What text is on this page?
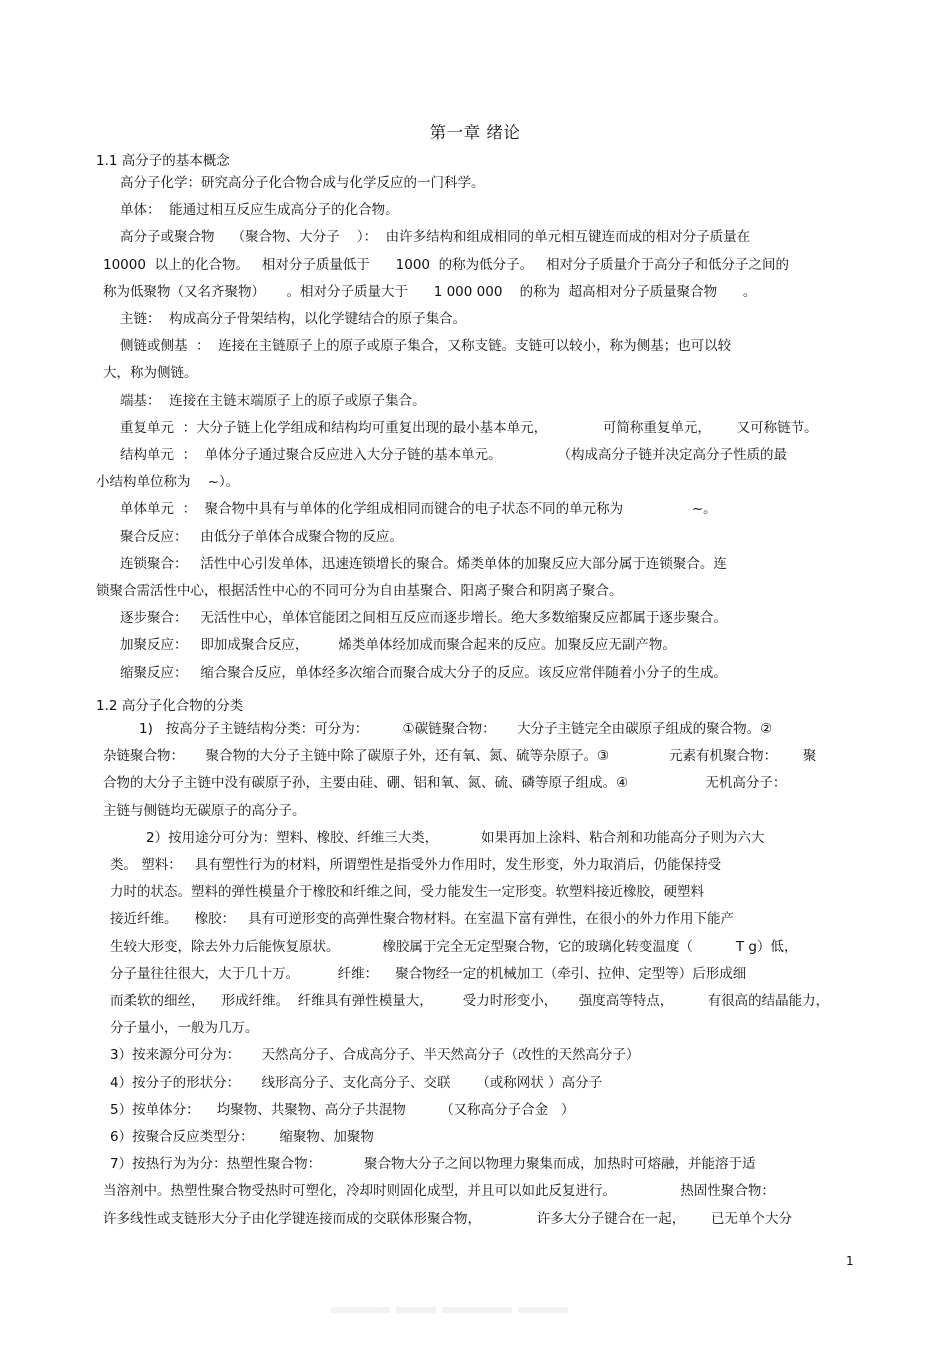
第一章 绪论
1.1 高分子的基本概念
高分子化学：研究高分子化合物合成与化学反应的一门科学。
单体：  能通过相互反应生成高分子的化合物。
高分子或聚合物    （聚合物、大分子    ）：  由许多结构和组成相同的单元相互键连而成的相对分子质量在
10000  以上的化合物。   相对分子质量低于      1000  的称为低分子。   相对分子质量介于高分子和低分子之间的
称为低聚物（又名齐聚物）     。相对分子质量大于      1 000 000    的称为  超高相对分子质量聚合物      。
主链：  构成高分子骨架结构，以化学键结合的原子集合。
侧链或侧基  ：  连接在主链原子上的原子或原子集合，又称支链。支链可以较小，称为侧基；也可以较
大，称为侧链。
端基：  连接在主链末端原子上的原子或原子集合。
重复单元  ：大分子链上化学组成和结构均可重复出现的最小基本单元，             可简称重复单元，      又可称链节。
结构单元  ：  单体分子通过聚合反应进入大分子链的基本单元。             （构成高分子链并决定高分子性质的最
小结构单位称为    ~）。
单体单元  ：  聚合物中具有与单体的化学组成相同而键合的电子状态不同的单元称为                ~。
聚合反应：   由低分子单体合成聚合物的反应。
连锁聚合：   活性中心引发单体，迅速连锁增长的聚合。烯类单体的加聚反应大部分属于连锁聚合。连
锁聚合需活性中心，根据活性中心的不同可分为自由基聚合、阳离子聚合和阴离子聚合。
逐步聚合：   无活性中心，单体官能团之间相互反应而逐步增长。绝大多数缩聚反应都属于逐步聚合。
加聚反应：   即加成聚合反应，       烯类单体经加成而聚合起来的反应。加聚反应无副产物。
缩聚反应：   缩合聚合反应，单体经多次缩合而聚合成大分子的反应。该反应常伴随着小分子的生成。
1.2 高分子化合物的分类
1)   按高分子主链结构分类：可分为：        ①碳链聚合物：     大分子主链完全由碳原子组成的聚合物。②
杂链聚合物：     聚合物的大分子主链中除了碳原子外，还有氧、氮、硫等杂原子。③              元素有机聚合物：      聚
合物的大分子主链中没有碳原子孙，主要由硅、硼、铝和氧、氮、硫、磷等原子组成。④                  无机高分子：
主链与侧链均无碳原子的高分子。
2）按用途分可分为：塑料、橡胶、纤维三大类，          如果再加上涂料、粘合剂和功能高分子则为六大
类。 塑料：   具有塑性行为的材料，所谓塑性是指受外力作用时，发生形变，外力取消后，仍能保持受
力时的状态。塑料的弹性模量介于橡胶和纤维之间，受力能发生一定形变。软塑料接近橡胶，硬塑料
接近纤维。    橡胶：   具有可逆形变的高弹性聚合物材料。在室温下富有弹性，在很小的外力作用下能产
生较大形变，除去外力后能恢复原状。          橡胶属于完全无定型聚合物，它的玻璃化转变温度（          T g）低，
分子量往往很大，大于几十万。         纤维：    聚合物经一定的机械加工（牵引、拉伸、定型等）后形成细
而柔软的细丝，    形成纤维。  纤维具有弹性模量大，       受力时形变小，     强度高等特点，        有很高的结晶能力，
分子量小，一般为几万。
3）按来源分可分为：     天然高分子、合成高分子、半天然高分子（改性的天然高分子）
4）按分子的形状分：     线形高分子、支化高分子、交联      （或称网状 ）高分子
5）按单体分：    均聚物、共聚物、高分子共混物        （又称高分子合金   ）
6）按聚合反应类型分：      缩聚物、加聚物
7）按热行为为分：热塑性聚合物：          聚合物大分子之间以物理力聚集而成，加热时可熔融，并能溶于适
当溶剂中。热塑性聚合物受热时可塑化，冷却时则固化成型，并且可以如此反复进行。               热固性聚合物：
许多线性或支链形大分子由化学键连接而成的交联体形聚合物，             许多大分子键合在一起，      已无单个大分
1
